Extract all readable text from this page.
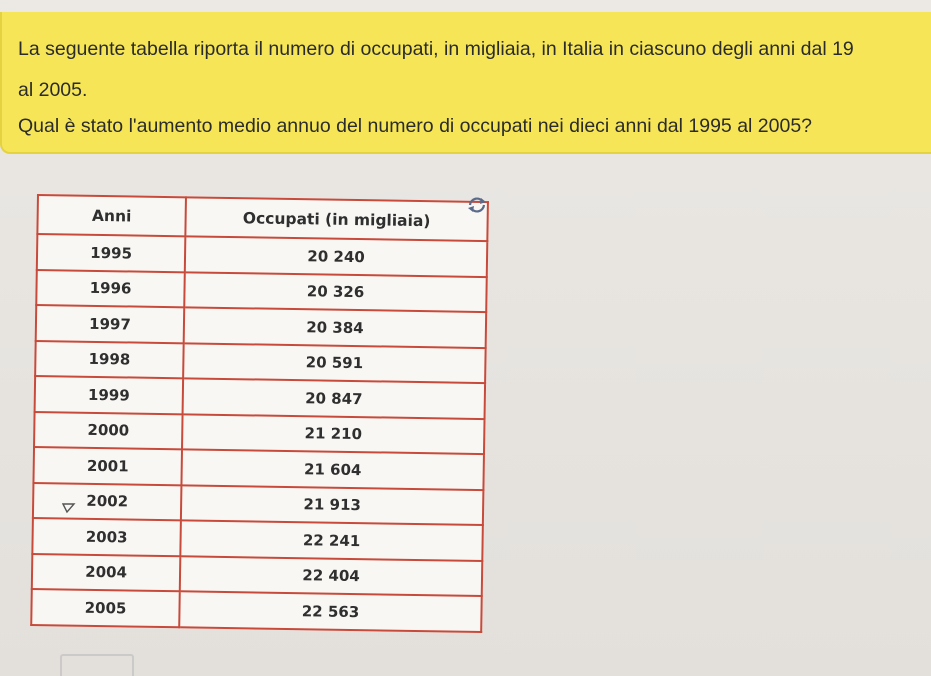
La seguente tabella riporta il numero di occupati, in migliaia, in Italia in ciascuno degli anni dal 19
al 2005.
Qual è stato l'aumento medio annuo del numero di occupati nei dieci anni dal 1995 al 2005?
Anni	Occupati (in migliaia)
1995	20 240
1996	20 326
1997	20 384
1998	20 591
1999	20 847
2000	21 210
2001	21 604
2002	21 913
2003	22 241
2004	22 404
2005	22 563
